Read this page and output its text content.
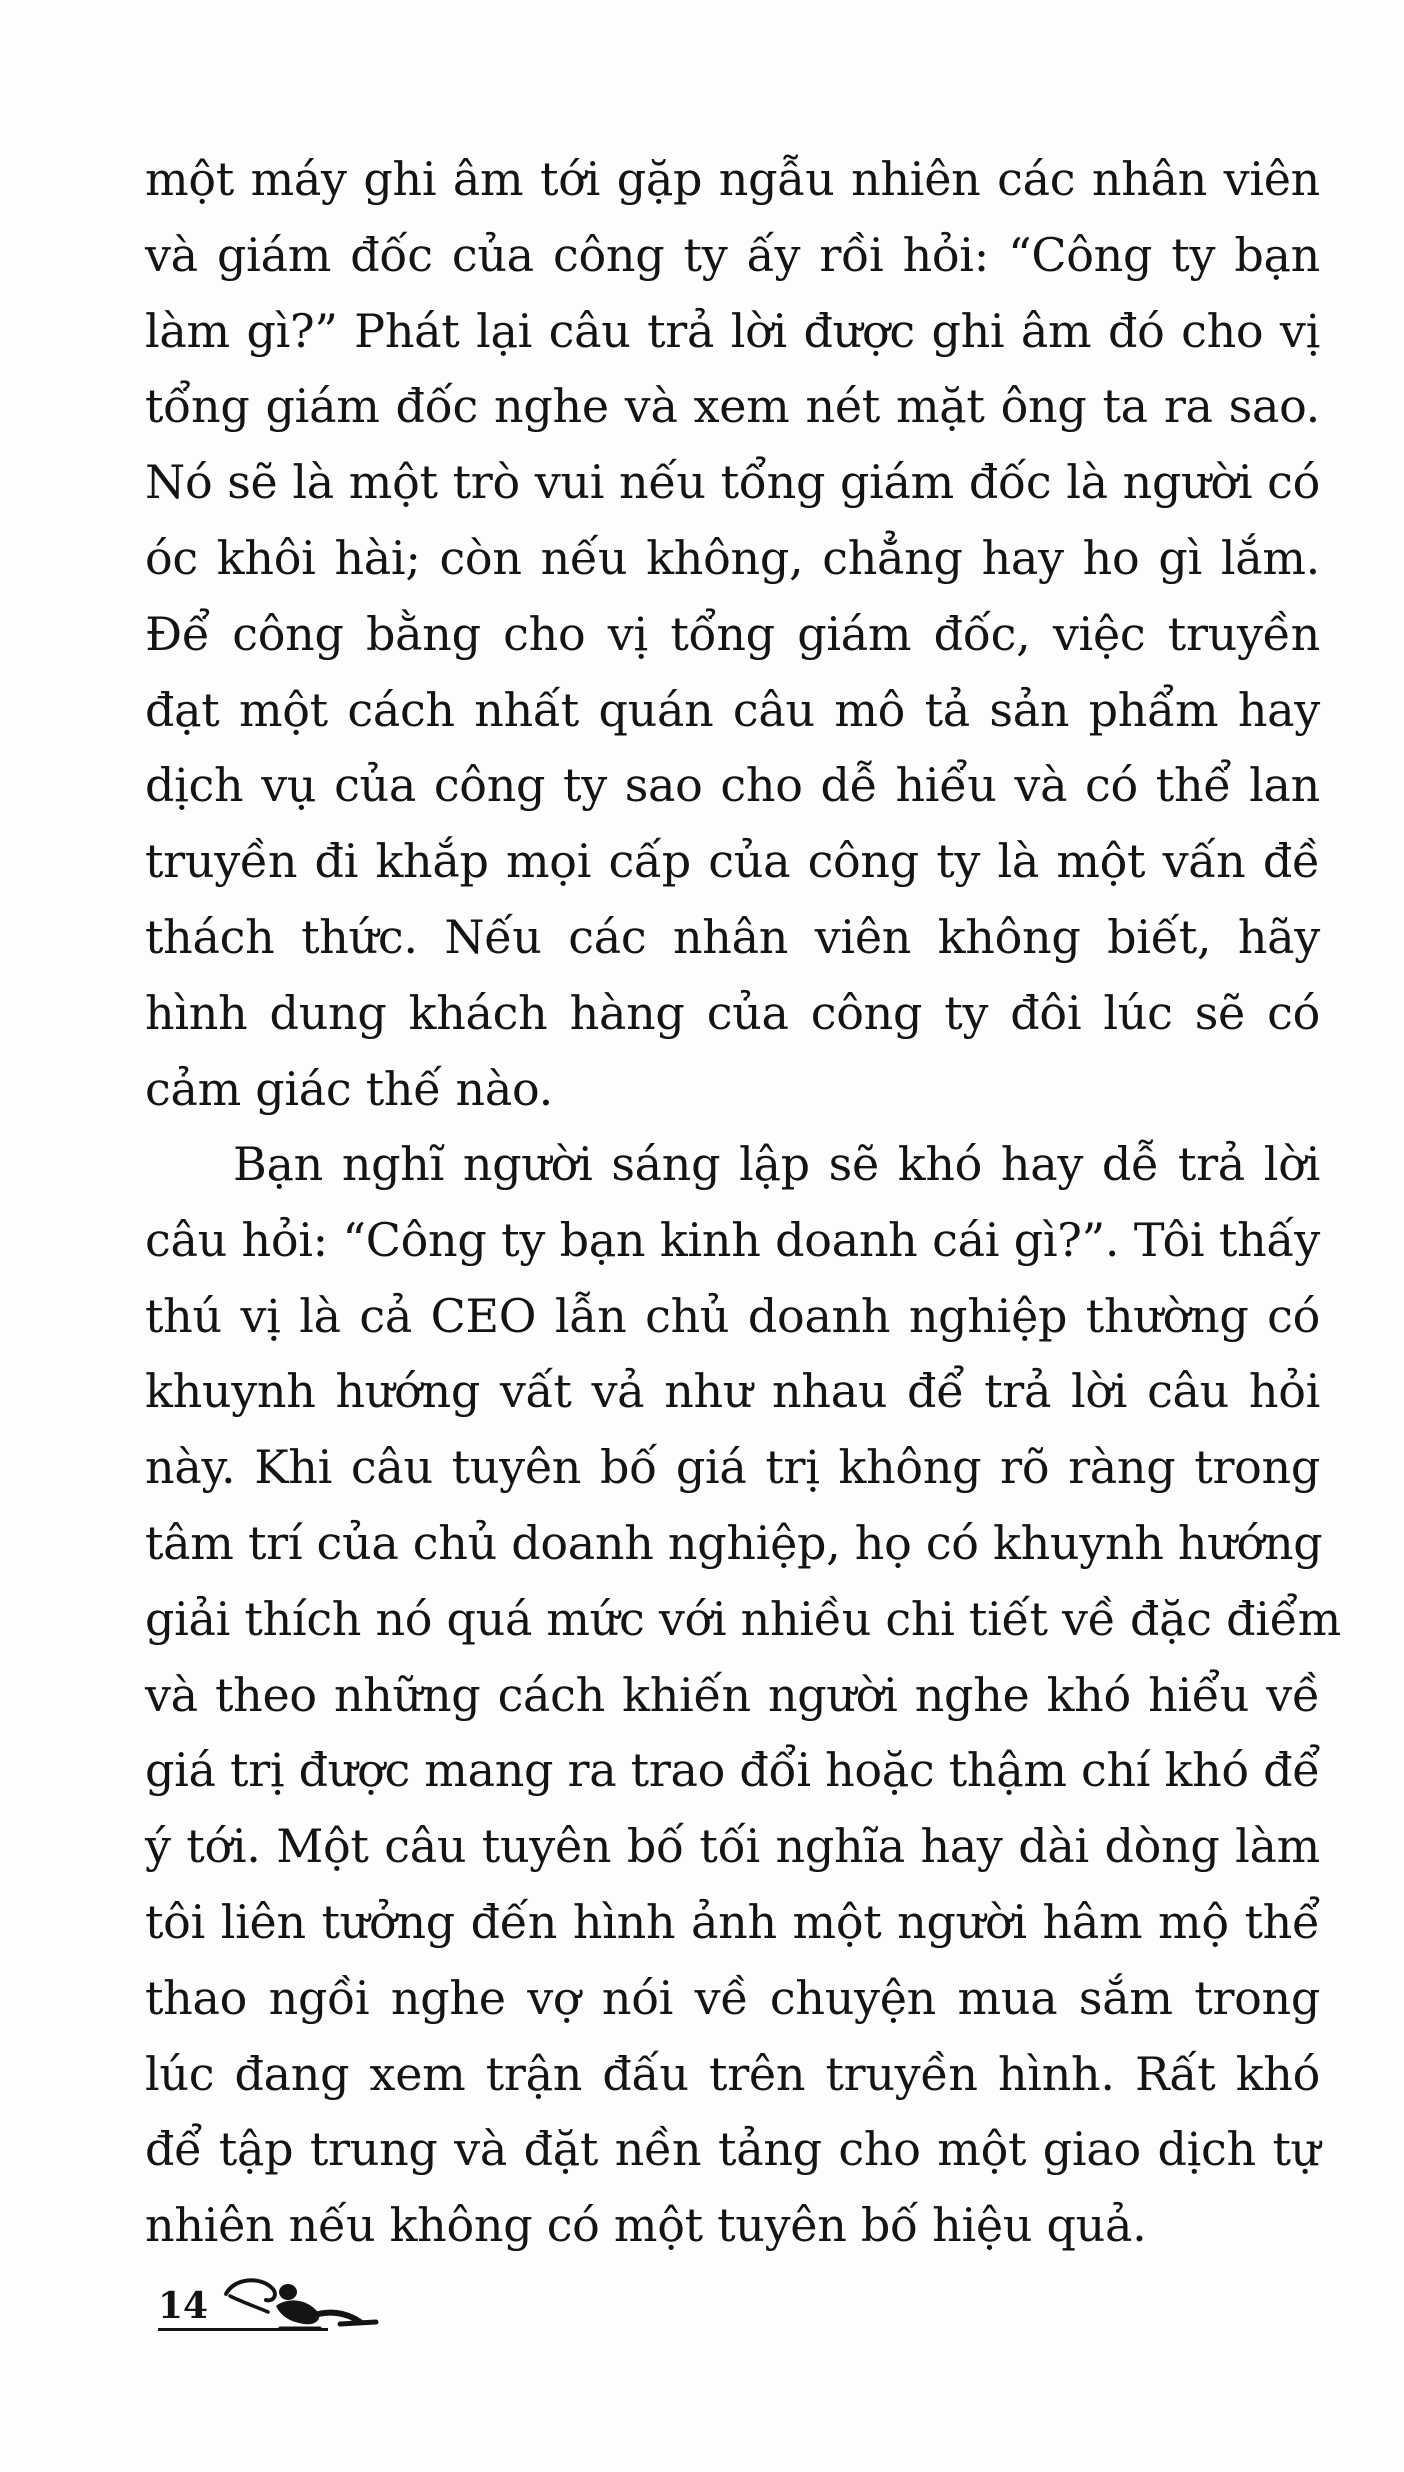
một máy ghi âm tới gặp ngẫu nhiên các nhân viên
và giám đốc của công ty ấy rồi hỏi: “Công ty bạn
làm gì?” Phát lại câu trả lời được ghi âm đó cho vị
tổng giám đốc nghe và xem nét mặt ông ta ra sao.
Nó sẽ là một trò vui nếu tổng giám đốc là người có
óc khôi hài; còn nếu không, chẳng hay ho gì lắm.
Để công bằng cho vị tổng giám đốc, việc truyền
đạt một cách nhất quán câu mô tả sản phẩm hay
dịch vụ của công ty sao cho dễ hiểu và có thể lan
truyền đi khắp mọi cấp của công ty là một vấn đề
thách thức. Nếu các nhân viên không biết, hãy
hình dung khách hàng của công ty đôi lúc sẽ có
cảm giác thế nào.
Bạn nghĩ người sáng lập sẽ khó hay dễ trả lời
câu hỏi: “Công ty bạn kinh doanh cái gì?”. Tôi thấy
thú vị là cả CEO lẫn chủ doanh nghiệp thường có
khuynh hướng vất vả như nhau để trả lời câu hỏi
này. Khi câu tuyên bố giá trị không rõ ràng trong
tâm trí của chủ doanh nghiệp, họ có khuynh hướng
giải thích nó quá mức với nhiều chi tiết về đặc điểm
và theo những cách khiến người nghe khó hiểu về
giá trị được mang ra trao đổi hoặc thậm chí khó để
ý tới. Một câu tuyên bố tối nghĩa hay dài dòng làm
tôi liên tưởng đến hình ảnh một người hâm mộ thể
thao ngồi nghe vợ nói về chuyện mua sắm trong
lúc đang xem trận đấu trên truyền hình. Rất khó
để tập trung và đặt nền tảng cho một giao dịch tự
nhiên nếu không có một tuyên bố hiệu quả.
14
